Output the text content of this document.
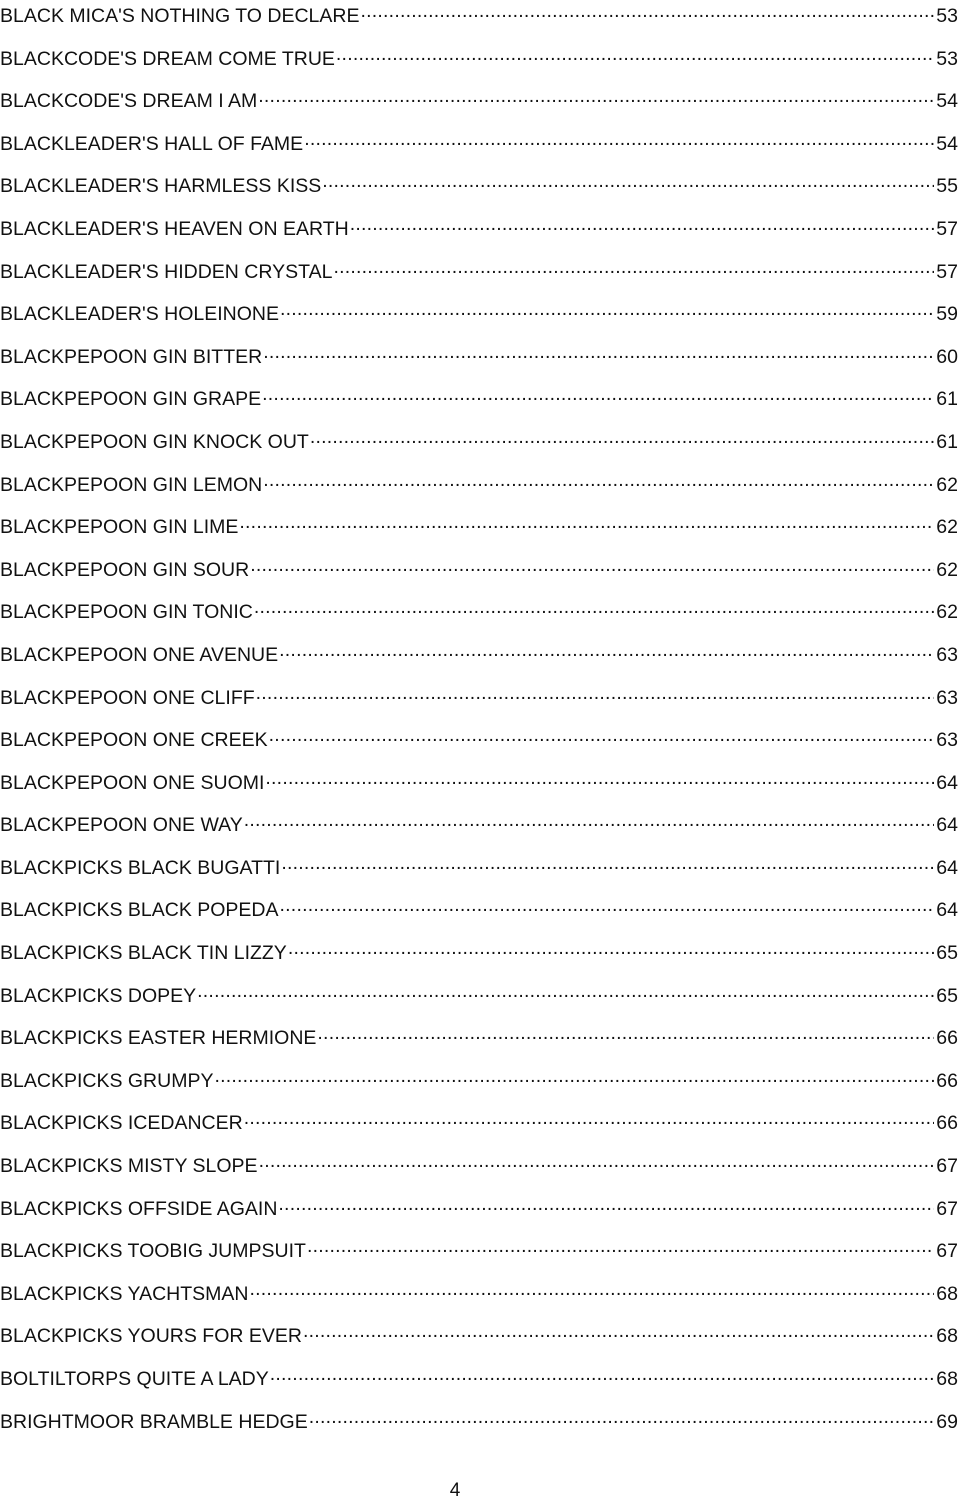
BLACK MICA'S NOTHING TO DECLARE . . .	53
BLACKCODE'S DREAM COME TRUE . . .	53
BLACKCODE'S DREAM I AM . . .	54
BLACKLEADER'S HALL OF FAME . . .	54
BLACKLEADER'S HARMLESS KISS . . .	55
BLACKLEADER'S HEAVEN ON EARTH . . .	57
BLACKLEADER'S HIDDEN CRYSTAL . . .	57
BLACKLEADER'S HOLEINONE . . .	59
BLACKPEPOON GIN BITTER . . .	60
BLACKPEPOON GIN GRAPE . . .	61
BLACKPEPOON GIN KNOCK OUT . . .	61
BLACKPEPOON GIN LEMON . . .	62
BLACKPEPOON GIN LIME . . .	62
BLACKPEPOON GIN SOUR . . .	62
BLACKPEPOON GIN TONIC . . .	62
BLACKPEPOON ONE AVENUE . . .	63
BLACKPEPOON ONE CLIFF . . .	63
BLACKPEPOON ONE CREEK . . .	63
BLACKPEPOON ONE SUOMI . . .	64
BLACKPEPOON ONE WAY . . .	64
BLACKPICKS BLACK BUGATTI . . .	64
BLACKPICKS BLACK POPEDA . . .	64
BLACKPICKS BLACK TIN LIZZY . . .	65
BLACKPICKS DOPEY . . .	65
BLACKPICKS EASTER HERMIONE . . .	66
BLACKPICKS GRUMPY . . .	66
BLACKPICKS ICEDANCER . . .	66
BLACKPICKS MISTY SLOPE . . .	67
BLACKPICKS OFFSIDE AGAIN . . .	67
BLACKPICKS TOOBIG JUMPSUIT . . .	67
BLACKPICKS YACHTSMAN . . .	68
BLACKPICKS YOURS FOR EVER . . .	68
BOLTILTORPS QUITE A LADY . . .	68
BRIGHTMOOR BRAMBLE HEDGE . . .	69
4
